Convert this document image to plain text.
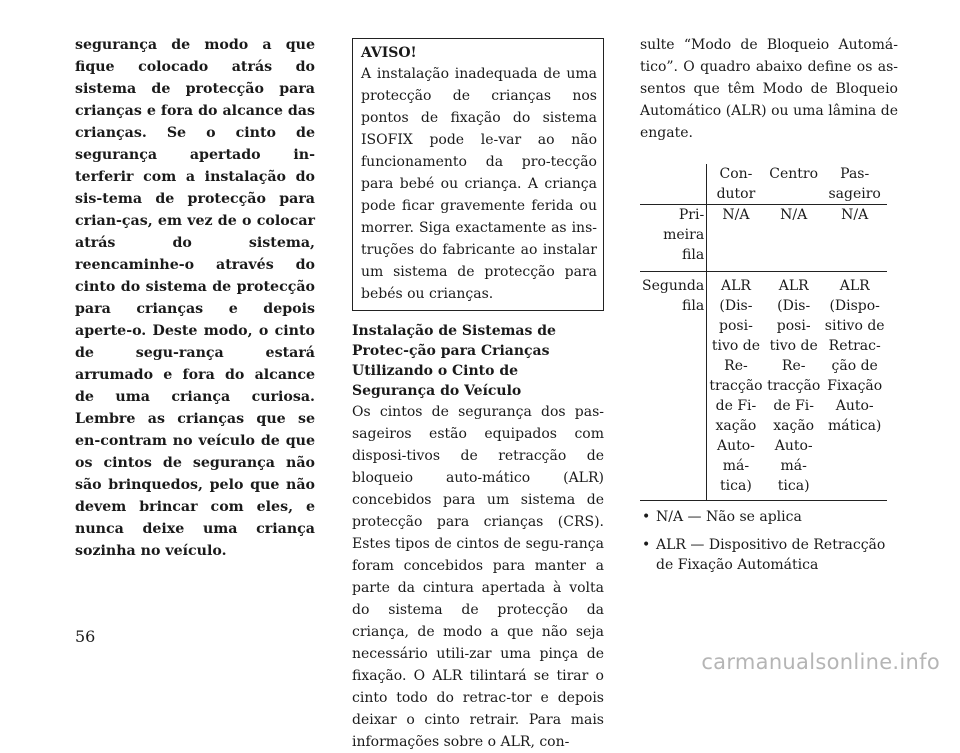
segurança de modo a que fique colocado atrás do sistema de protecção para crianças e fora do alcance das crianças. Se o cinto de segurança apertado in-terferir com a instalação do sis-tema de protecção para crian-ças, em vez de o colocar atrás do sistema, reencaminhe-o através do cinto do sistema de protecção para crianças e depois aperte-o. Deste modo, o cinto de segu-rança estará arrumado e fora do alcance de uma criança curiosa. Lembre as crianças que se en-contram no veículo de que os cintos de segurança não são brinquedos, pelo que não devem brincar com eles, e nunca deixe uma criança sozinha no veículo.

AVISO!

A instalação inadequada de uma protecção de crianças nos pontos de fixação do sistema ISOFIX pode le-var ao não funcionamento da pro-tecção para bebé ou criança. A criança pode ficar gravemente ferida ou morrer. Siga exactamente as ins-truções do fabricante ao instalar um sistema de protecção para bebés ou crianças.

Instalação de Sistemas de Protec-ção para Crianças Utilizando o Cinto de Segurança do Veículo

Os cintos de segurança dos pas-sageiros estão equipados com disposi-tivos de retracção de bloqueio auto-mático (ALR) concebidos para um sistema de protecção para crianças (CRS). Estes tipos de cintos de segu-rança foram concebidos para manter a parte da cintura apertada à volta do sistema de protecção da criança, de modo a que não seja necessário utili-zar uma pinça de fixação. O ALR tilintará se tirar o cinto todo do retrac-tor e depois deixar o cinto retrair. Para mais informações sobre o ALR, con-

sulte “Modo de Bloqueio Automá-tico”. O quadro abaixo define os as-sentos que têm Modo de Bloqueio Automático (ALR) ou uma lâmina de engate.

	Con-dutor	Centro	Pas-sageiro
Pri-meira fila	N/A	N/A	N/A
Segunda fila	ALR (Dis-posi-tivo de Re-tracção de Fi-xação Auto-má-tica)	ALR (Dis-posi-tivo de Re-tracção de Fi-xação Auto-má-tica)	ALR (Dispo-sitivo de Retrac-ção de Fixação Auto-mática)
• N/A — Não se aplica
• ALR — Dispositivo de Retracção de Fixação Automática
56
carmanualsonline.info
